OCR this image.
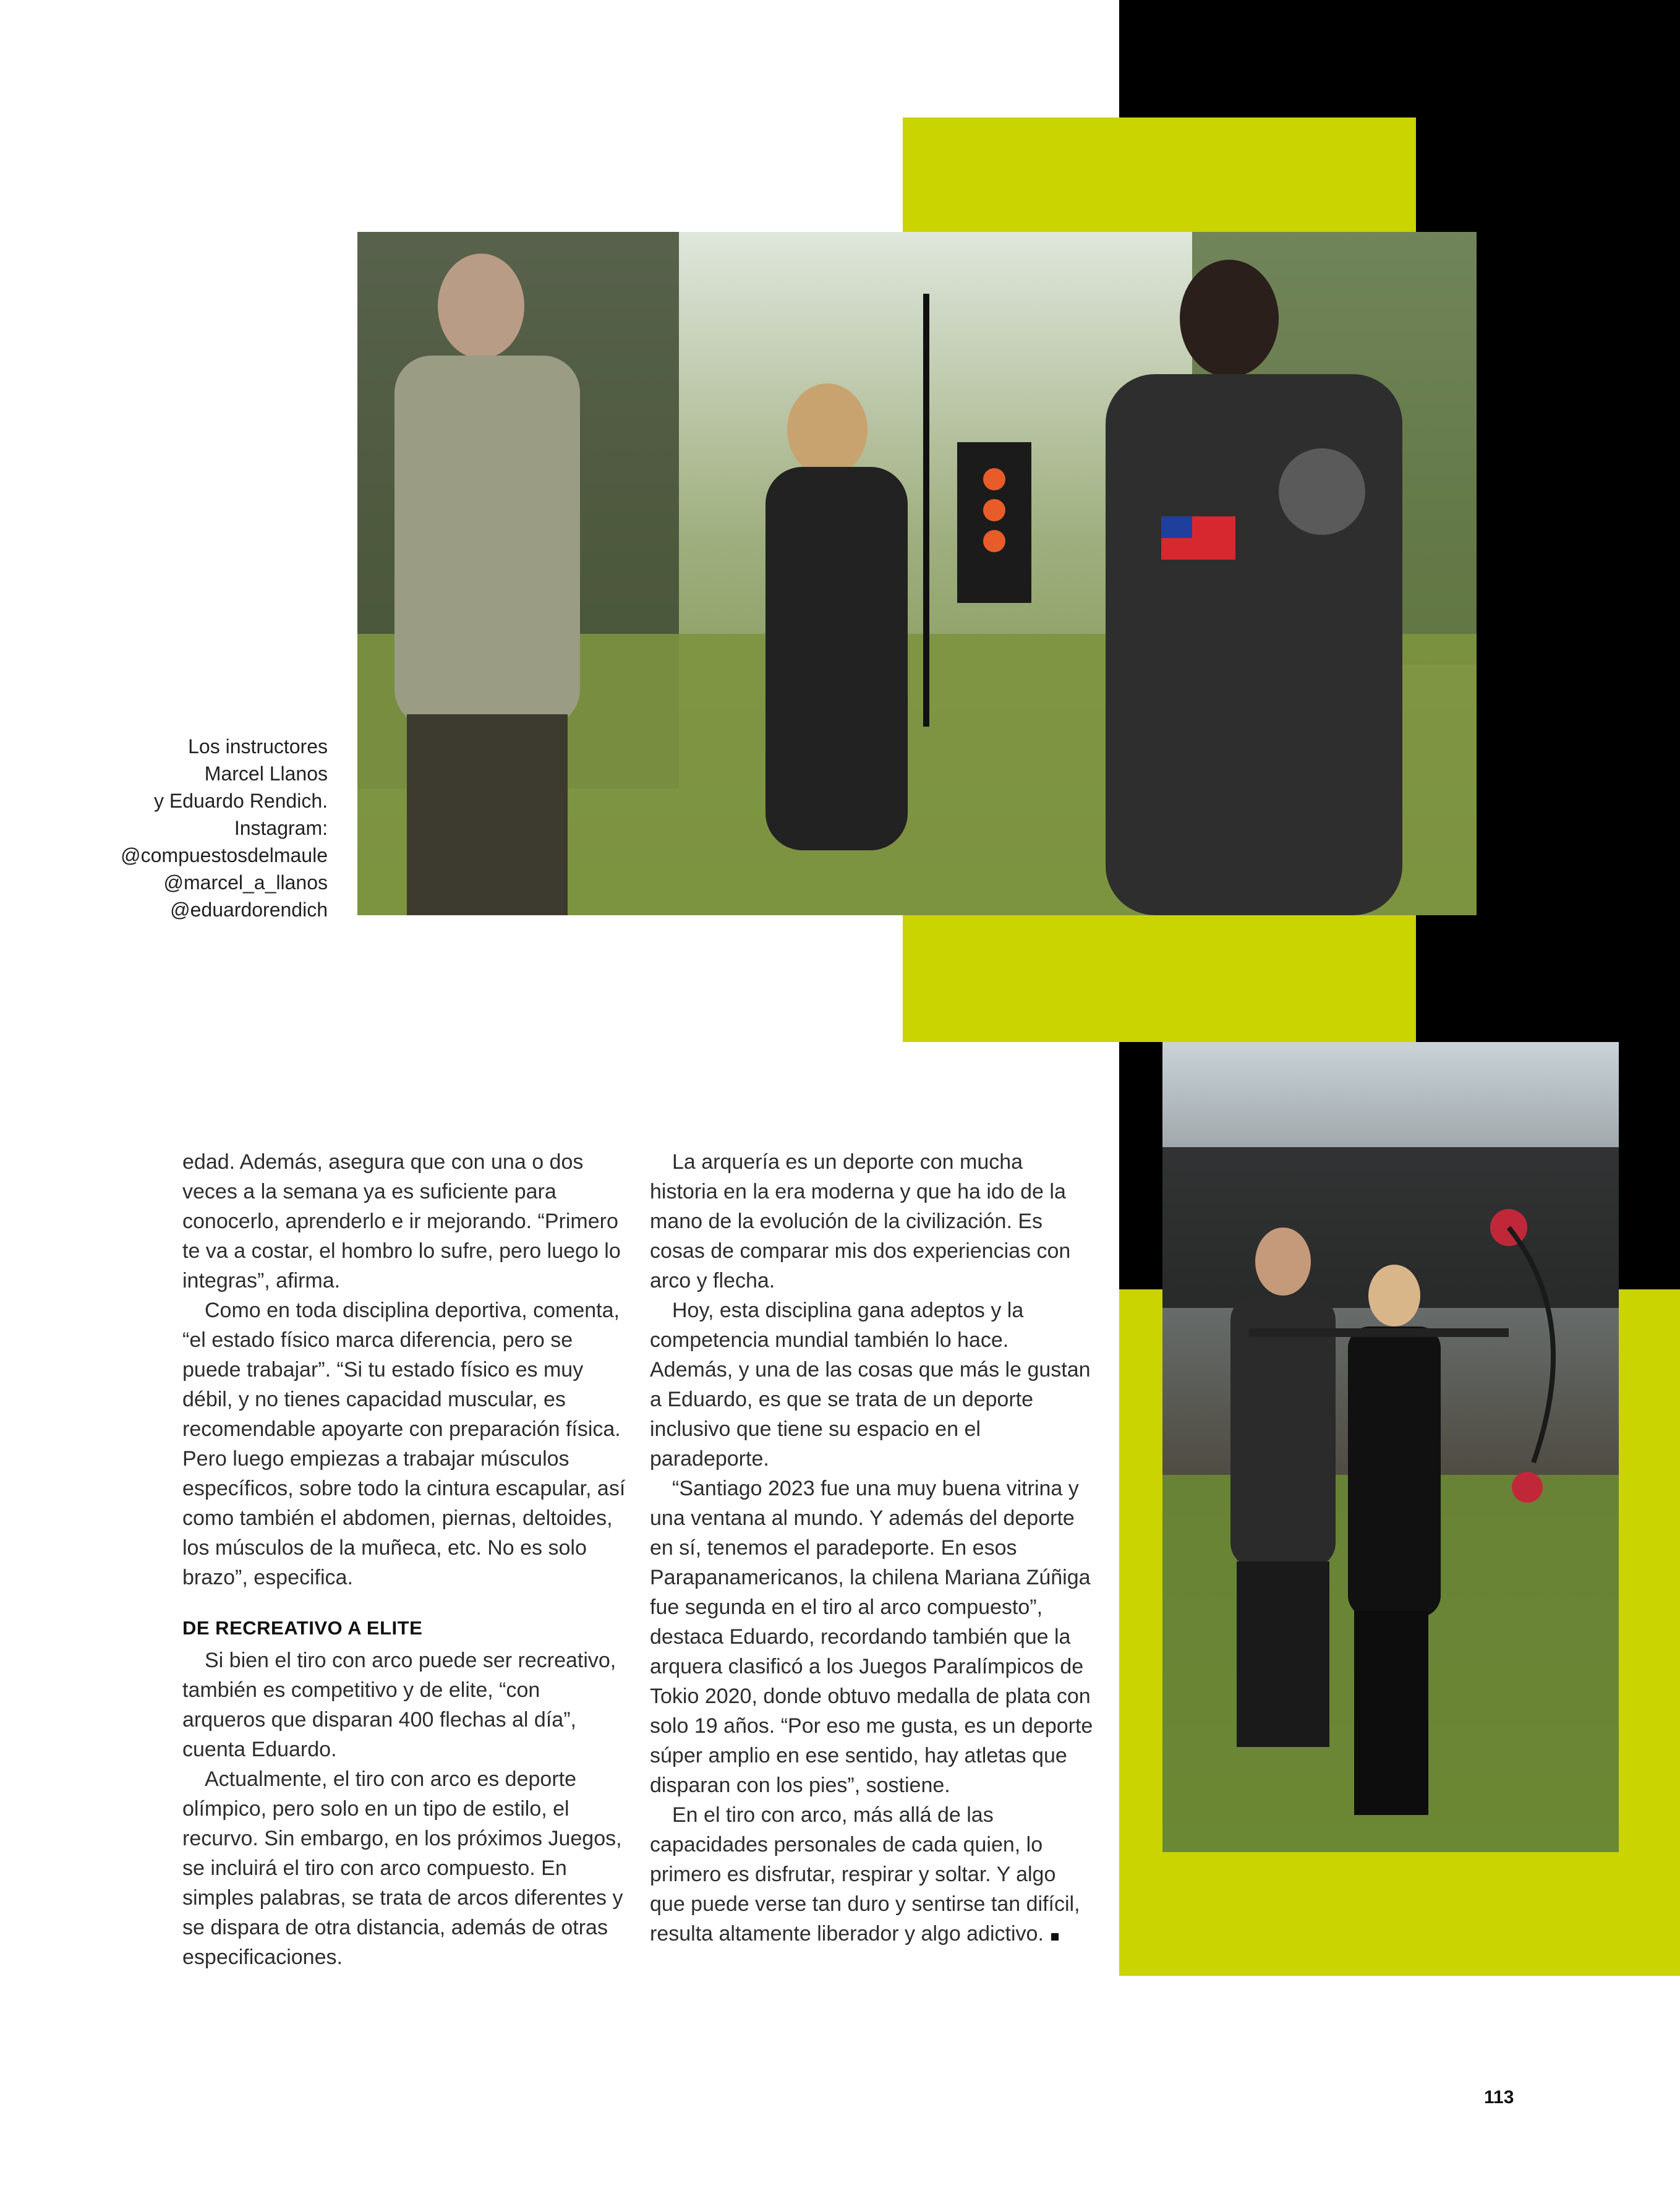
Los instructores
Marcel Llanos
y Eduardo Rendich.
Instagram:
@compuestosdelmaule
@marcel_a_llanos
@eduardorendich

edad. Además, asegura que con una o dos veces a la semana ya es suficiente para conocerlo, aprenderlo e ir mejorando. “Primero te va a costar, el hombro lo sufre, pero luego lo integras”, afirma.

Como en toda disciplina deportiva, comenta, “el estado físico marca diferencia, pero se puede trabajar”. “Si tu estado físico es muy débil, y no tienes capacidad muscular, es recomendable apoyarte con preparación física. Pero luego empiezas a trabajar músculos específicos, sobre todo la cintura escapular, así como también el abdomen, piernas, deltoides, los músculos de la muñeca, etc. No es solo brazo”, especifica.

DE RECREATIVO A ELITE

Si bien el tiro con arco puede ser recreativo, también es competitivo y de elite, “con arqueros que disparan 400 flechas al día”, cuenta Eduardo.

Actualmente, el tiro con arco es deporte olímpico, pero solo en un tipo de estilo, el recurvo. Sin embargo, en los próximos Juegos, se incluirá el tiro con arco compuesto. En simples palabras, se trata de arcos diferentes y se dispara de otra distancia, además de otras especificaciones.

La arquería es un deporte con mucha historia en la era moderna y que ha ido de la mano de la evolución de la civilización. Es cosas de comparar mis dos experiencias con arco y flecha.

Hoy, esta disciplina gana adeptos y la competencia mundial también lo hace. Además, y una de las cosas que más le gustan a Eduardo, es que se trata de un deporte inclusivo que tiene su espacio en el paradeporte.

“Santiago 2023 fue una muy buena vitrina y una ventana al mundo. Y además del deporte en sí, tenemos el paradeporte. En esos Parapanamericanos, la chilena Mariana Zúñiga fue segunda en el tiro al arco compuesto”, destaca Eduardo, recordando también que la arquera clasificó a los Juegos Paralímpicos de Tokio 2020, donde obtuvo medalla de plata con solo 19 años. “Por eso me gusta, es un deporte súper amplio en ese sentido, hay atletas que disparan con los pies”, sostiene.

En el tiro con arco, más allá de las capacidades personales de cada quien, lo primero es disfrutar, respirar y soltar. Y algo que puede verse tan duro y sentirse tan difícil, resulta altamente liberador y algo adictivo.

113
